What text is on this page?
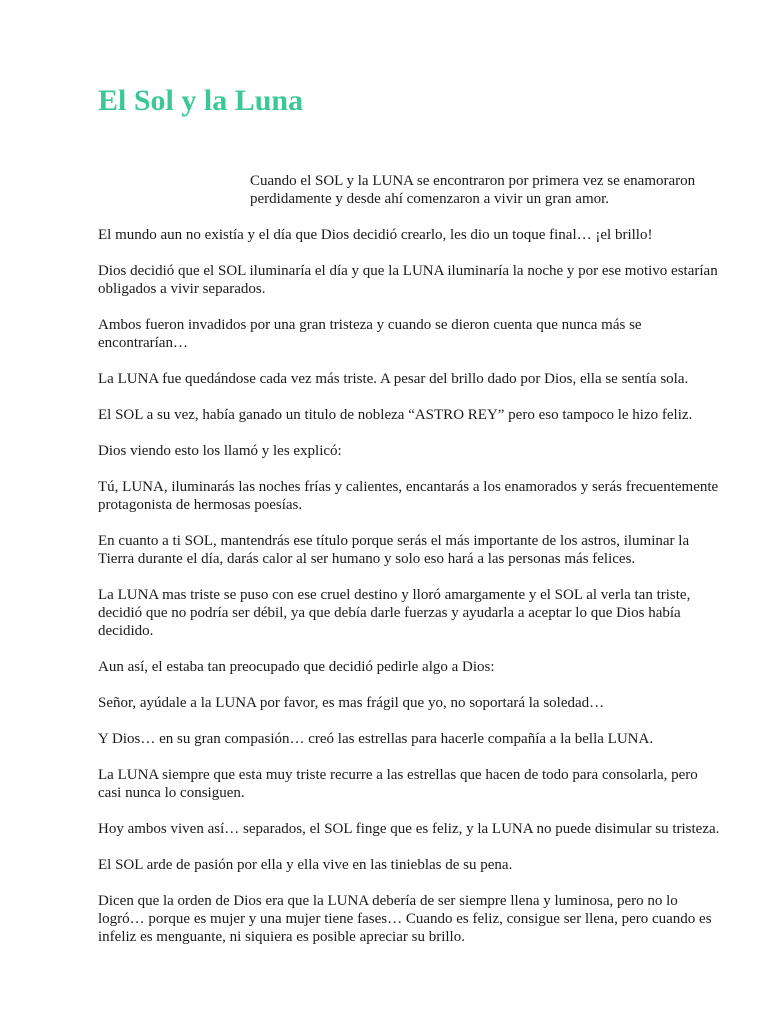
El Sol y la Luna

Cuando el SOL y la LUNA se encontraron por primera vez se enamoraron perdidamente y desde ahí comenzaron a vivir un gran amor.

El mundo aun no existía y el día que Dios decidió crearlo, les dio un toque final… ¡el brillo!

Dios decidió que el SOL iluminaría el día y que la LUNA iluminaría la noche y por ese motivo estarían obligados a vivir separados.

Ambos fueron invadidos por una gran tristeza y cuando se dieron cuenta que nunca más se encontrarían…

La LUNA fue quedándose cada vez más triste. A pesar del brillo dado por Dios, ella se sentía sola.

El SOL a su vez, había ganado un titulo de nobleza “ASTRO REY” pero eso tampoco le hizo feliz.

Dios viendo esto los llamó y les explicó:

Tú, LUNA, iluminarás las noches frías y calientes, encantarás a los enamorados y serás frecuentemente protagonista de hermosas poesías.

En cuanto a ti SOL, mantendrás ese título porque serás el más importante de los astros, iluminar la Tierra durante el día, darás calor al ser humano y solo eso hará a las personas más felices.

La LUNA mas triste se puso con ese cruel destino y lloró amargamente y el SOL al verla tan triste, decidió que no podría ser débil, ya que debía darle fuerzas y ayudarla a aceptar lo que Dios había decidido.

Aun así, el estaba tan preocupado que decidió pedirle algo a Dios:

Señor, ayúdale a la LUNA por favor, es mas frágil que yo, no soportará la soledad…

Y Dios… en su gran compasión… creó las estrellas para hacerle compañía a la bella LUNA.

La LUNA siempre que esta muy triste recurre a las estrellas que hacen de todo para consolarla, pero casi nunca lo consiguen.

Hoy ambos viven así… separados, el SOL finge que es feliz, y la LUNA no puede disimular su tristeza.

El SOL arde de pasión por ella y ella vive en las tinieblas de su pena.

Dicen que la orden de Dios era que la LUNA debería de ser siempre llena y luminosa, pero no lo logró… porque es mujer y una mujer tiene fases… Cuando es feliz, consigue ser llena, pero cuando es infeliz es menguante, ni siquiera es posible apreciar su brillo.
